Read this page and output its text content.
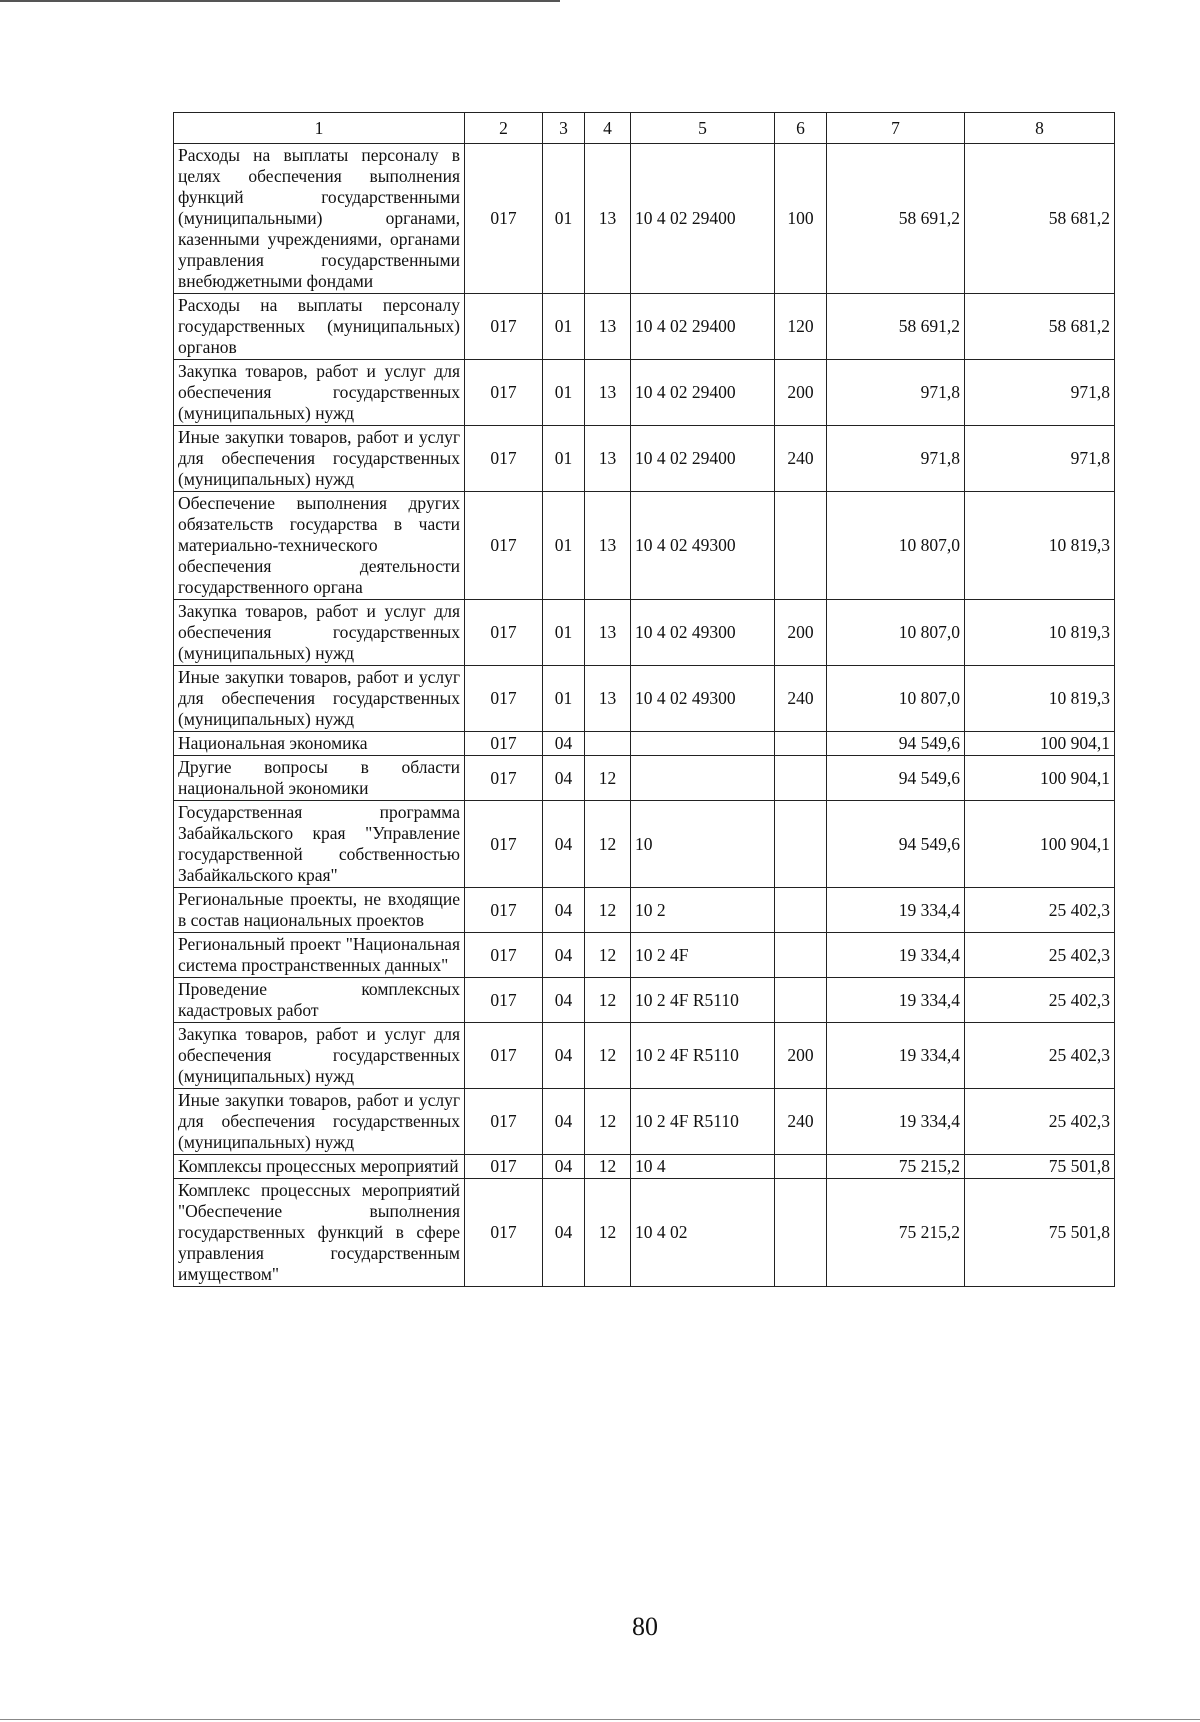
1	2	3	4	5	6	7	8
Расходы на выплаты персоналу в целях обеспечения выполнения функций государственными (муниципальными) органами, казенными учреждениями, органами управления государственными внебюджетными фондами	017	01	13	10 4 02 29400	100	58 691,2	58 681,2
Расходы на выплаты персоналу государственных (муниципальных) органов	017	01	13	10 4 02 29400	120	58 691,2	58 681,2
Закупка товаров, работ и услуг для обеспечения государственных (муниципальных) нужд	017	01	13	10 4 02 29400	200	971,8	971,8
Иные закупки товаров, работ и услуг для обеспечения государственных (муниципальных) нужд	017	01	13	10 4 02 29400	240	971,8	971,8
Обеспечение выполнения других обязательств государства в части материально-технического обеспечения деятельности государственного органа	017	01	13	10 4 02 49300		10 807,0	10 819,3
Закупка товаров, работ и услуг для обеспечения государственных (муниципальных) нужд	017	01	13	10 4 02 49300	200	10 807,0	10 819,3
Иные закупки товаров, работ и услуг для обеспечения государственных (муниципальных) нужд	017	01	13	10 4 02 49300	240	10 807,0	10 819,3
Национальная экономика	017	04				94 549,6	100 904,1
Другие вопросы в области национальной экономики	017	04	12			94 549,6	100 904,1
Государственная программа Забайкальского края "Управление государственной собственностью Забайкальского края"	017	04	12	10		94 549,6	100 904,1
Региональные проекты, не входящие в состав национальных проектов	017	04	12	10 2		19 334,4	25 402,3
Региональный проект "Национальная система пространственных данных"	017	04	12	10 2 4F		19 334,4	25 402,3
Проведение комплексных кадастровых работ	017	04	12	10 2 4F R5110		19 334,4	25 402,3
Закупка товаров, работ и услуг для обеспечения государственных (муниципальных) нужд	017	04	12	10 2 4F R5110	200	19 334,4	25 402,3
Иные закупки товаров, работ и услуг для обеспечения государственных (муниципальных) нужд	017	04	12	10 2 4F R5110	240	19 334,4	25 402,3
Комплексы процессных мероприятий	017	04	12	10 4		75 215,2	75 501,8
Комплекс процессных мероприятий "Обеспечение выполнения государственных функций в сфере управления государственным имуществом"	017	04	12	10 4 02		75 215,2	75 501,8
80
